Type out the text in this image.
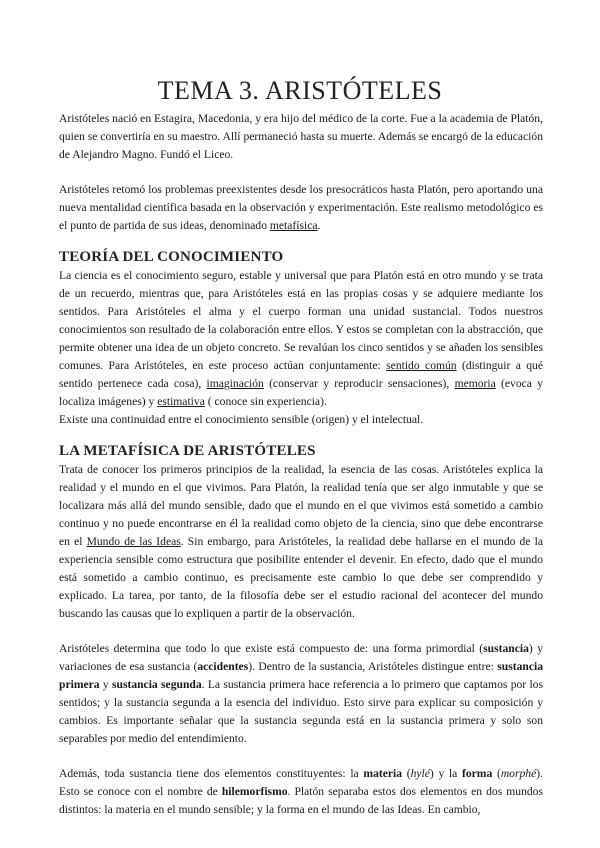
TEMA 3. ARISTÓTELES

Aristóteles nació en Estagira, Macedonia, y era hijo del médico de la corte. Fue a la academia de Platón, quien se convertiría en su maestro. Allí permaneció hasta su muerte. Además se encargó de la educación de Alejandro Magno. Fundó el Liceo.

Aristóteles retomó los problemas preexistentes desde los presocráticos hasta Platón, pero aportando una nueva mentalidad científica basada en la observación y experimentación. Este realismo metodológico es el punto de partida de sus ideas, denominado metafísica.

TEORÍA DEL CONOCIMIENTO

La ciencia es el conocimiento seguro, estable y universal que para Platón está en otro mundo y se trata de un recuerdo, mientras que, para Aristóteles está en las propias cosas y se adquiere mediante los sentidos. Para Aristóteles el alma y el cuerpo forman una unidad sustancial. Todos nuestros conocimientos son resultado de la colaboración entre ellos. Y estos se completan con la abstracción, que permite obtener una idea de un objeto concreto. Se revalúan los cinco sentidos y se añaden los sensibles comunes. Para Aristóteles, en este proceso actúan conjuntamente: sentido común (distinguir a qué sentido pertenece cada cosa), imaginación (conservar y reproducir sensaciones), memoria (evoca y localiza imágenes) y estimativa ( conoce sin experiencia).

Existe una continuidad entre el conocimiento sensible (origen) y el intelectual.

LA METAFÍSICA DE ARISTÓTELES

Trata de conocer los primeros principios de la realidad, la esencia de las cosas. Aristóteles explica la realidad y el mundo en el que vivimos. Para Platón, la realidad tenía que ser algo inmutable y que se localizara más allá del mundo sensible, dado que el mundo en el que vivimos está sometido a cambio continuo y no puede encontrarse en él la realidad como objeto de la ciencia, sino que debe encontrarse en el Mundo de las Ideas. Sin embargo, para Aristóteles, la realidad debe hallarse en el mundo de la experiencia sensible como estructura que posibilite entender el devenir. En efecto, dado que el mundo está sometido a cambio continuo, es precisamente este cambio lo que debe ser comprendido y explicado. La tarea, por tanto, de la filosofía debe ser el estudio racional del acontecer del mundo buscando las causas que lo expliquen a partir de la observación.

Aristóteles determina que todo lo que existe está compuesto de: una forma primordial (sustancia) y variaciones de esa sustancia (accidentes). Dentro de la sustancia, Aristóteles distingue entre: sustancia primera y sustancia segunda. La sustancia primera hace referencia a lo primero que captamos por los sentidos; y la sustancia segunda a la esencia del individuo. Esto sirve para explicar su composición y cambios. Es importante señalar que la sustancia segunda está en la sustancia primera y solo son separables por medio del entendimiento.

Además, toda sustancia tiene dos elementos constituyentes: la materia (hylé) y la forma (morphé). Esto se conoce con el nombre de hilemorfismo. Platón separaba estos dos elementos en dos mundos distintos: la materia en el mundo sensible; y la forma en el mundo de las Ideas. En cambio,
